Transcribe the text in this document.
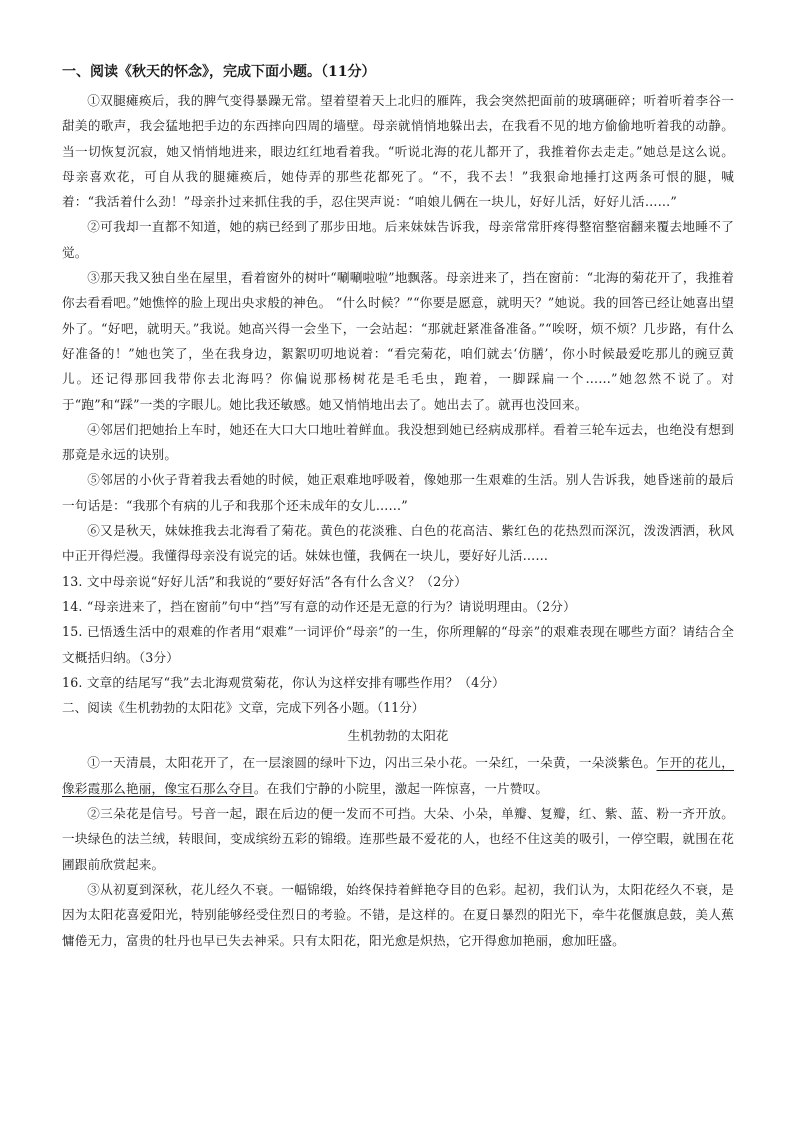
一、阅读《秋天的怀念》，完成下面小题。（11分）

①双腿瘫痪后，我的脾气变得暴躁无常。望着望着天上北归的雁阵，我会突然把面前的玻璃砸碎；听着听着李谷一甜美的歌声，我会猛地把手边的东西摔向四周的墙壁。母亲就悄悄地躲出去，在我看不见的地方偷偷地听着我的动静。当一切恢复沉寂，她又悄悄地进来，眼边红红地看着我。“听说北海的花儿都开了，我推着你去走走。”她总是这么说。母亲喜欢花，可自从我的腿瘫痪后，她侍弄的那些花都死了。“不，我不去！”我狠命地捶打这两条可恨的腿，喊着：“我活着什么劲！”母亲扑过来抓住我的手，忍住哭声说：“咱娘儿俩在一块儿，好好儿活，好好儿活……”

②可我却一直都不知道，她的病已经到了那步田地。后来妹妹告诉我，母亲常常肝疼得整宿整宿翻来覆去地睡不了觉。

③那天我又独自坐在屋里，看着窗外的树叶“唰唰啦啦”地飘落。母亲进来了，挡在窗前：“北海的菊花开了，我推着你去看看吧。”她憔悴的脸上现出央求般的神色。 “什么时候？”“你要是愿意，就明天？”她说。我的回答已经让她喜出望外了。“好吧，就明天。”我说。她高兴得一会坐下，一会站起：“那就赶紧准备准备。”“唉呀，烦不烦？几步路，有什么好准备的！”她也笑了，坐在我身边，絮絮叨叨地说着：“看完菊花，咱们就去‘仿膳’，你小时候最爱吃那儿的豌豆黄儿。还记得那回我带你去北海吗？你偏说那杨树花是毛毛虫，跑着，一脚踩扁一个……”她忽然不说了。对于“跑”和“踩”一类的字眼儿。她比我还敏感。她又悄悄地出去了。她出去了。就再也没回来。

④邻居们把她抬上车时，她还在大口大口地吐着鲜血。我没想到她已经病成那样。看着三轮车远去，也绝没有想到那竟是永远的诀别。

⑤邻居的小伙子背着我去看她的时候，她正艰难地呼吸着，像她那一生艰难的生活。别人告诉我，她昏迷前的最后一句话是：“我那个有病的儿子和我那个还未成年的女儿……”

⑥又是秋天，妹妹推我去北海看了菊花。黄色的花淡雅、白色的花高洁、紫红色的花热烈而深沉，泼泼洒洒，秋风中正开得烂漫。我懂得母亲没有说完的话。妹妹也懂，我俩在一块儿，要好好儿活……

13. 文中母亲说“好好儿活”和我说的“要好好活”各有什么含义？（2分）

14. “母亲进来了，挡在窗前”句中“挡”写有意的动作还是无意的行为？请说明理由。（2分）

15. 已悟透生活中的艰难的作者用“艰难”一词评价“母亲”的一生，你所理解的“母亲”的艰难表现在哪些方面？请结合全文概括归纳。（3分）

16. 文章的结尾写“我”去北海观赏菊花，你认为这样安排有哪些作用？（4分）

二、阅读《生机勃勃的太阳花》文章，完成下列各小题。（11分）

生机勃勃的太阳花

①一天清晨，太阳花开了，在一层滚圆的绿叶下边，闪出三朵小花。一朵红，一朵黄，一朵淡紫色。乍开的花儿，像彩霞那么艳丽，像宝石那么夺目。在我们宁静的小院里，激起一阵惊喜，一片赞叹。

②三朵花是信号。号音一起，跟在后边的便一发而不可挡。大朵、小朵，单瓣、复瓣，红、紫、蓝、粉一齐开放。一块绿色的法兰绒，转眼间，变成缤纷五彩的锦缎。连那些最不爱花的人，也经不住这美的吸引，一停空暇，就围在花圃跟前欣赏起来。

③从初夏到深秋，花儿经久不衰。一幅锦缎，始终保持着鲜艳夺目的色彩。起初，我们认为，太阳花经久不衰，是因为太阳花喜爱阳光，特别能够经受住烈日的考验。不错，是这样的。在夏日暴烈的阳光下，牵牛花偃旗息鼓，美人蕉慵倦无力，富贵的牡丹也早已失去神采。只有太阳花，阳光愈是炽热，它开得愈加艳丽，愈加旺盛。
